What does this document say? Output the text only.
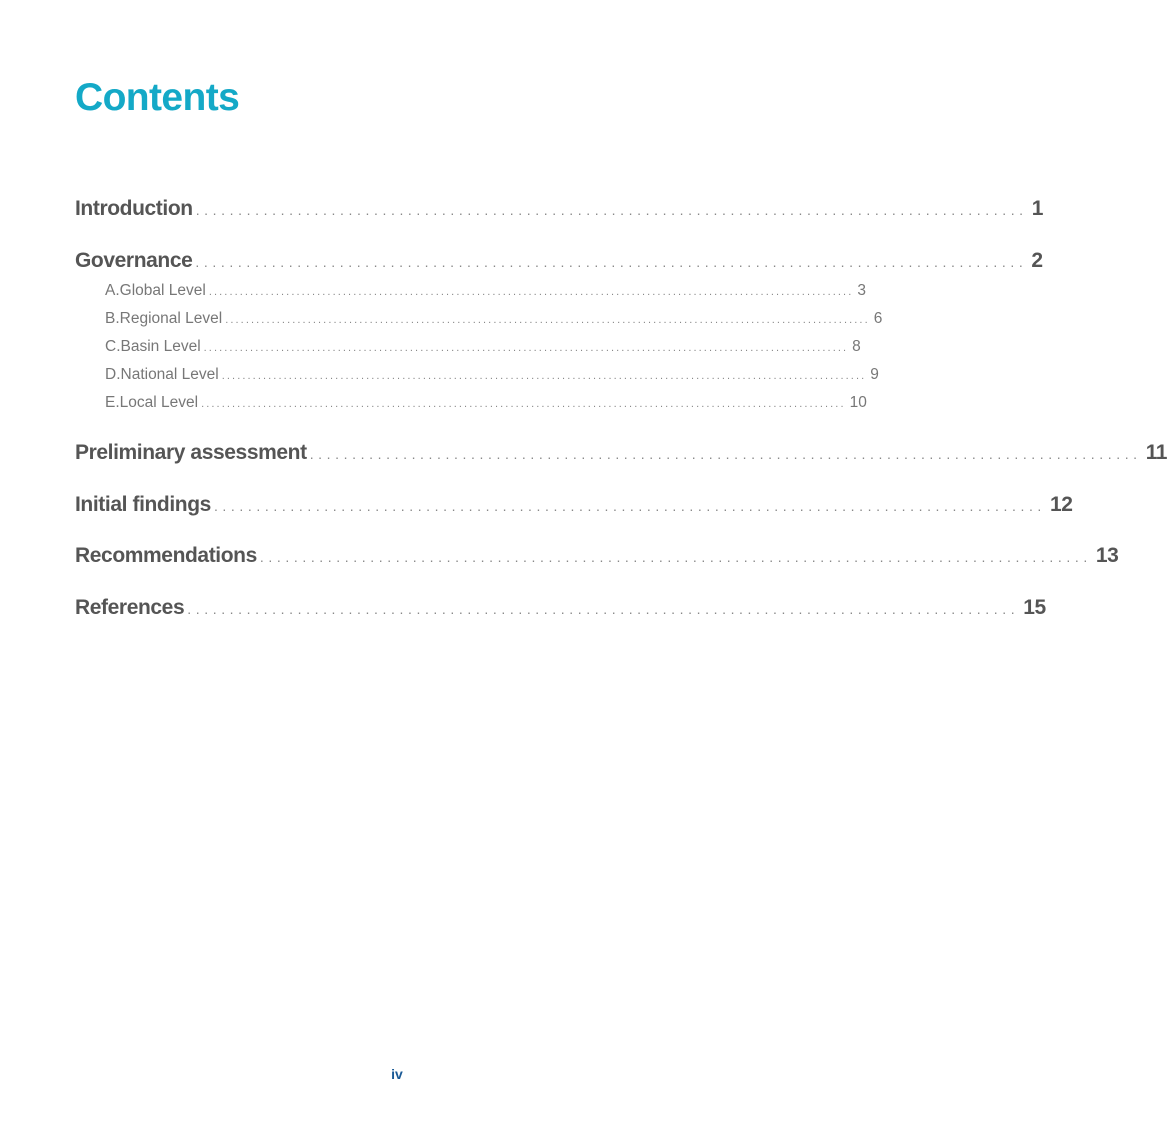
Contents
Introduction .................................................................................................. 1
Governance .................................................................................................. 2
A. Global Level ............................................................................................................................. 3
B. Regional Level ............................................................................................................................. 6
C. Basin Level ............................................................................................................................. 8
D. National Level ............................................................................................................................. 9
E. Local Level ............................................................................................................................. 10
Preliminary assessment .................................................................................................. 11
Initial findings .................................................................................................. 12
Recommendations .................................................................................................. 13
References .................................................................................................. 15
iv
